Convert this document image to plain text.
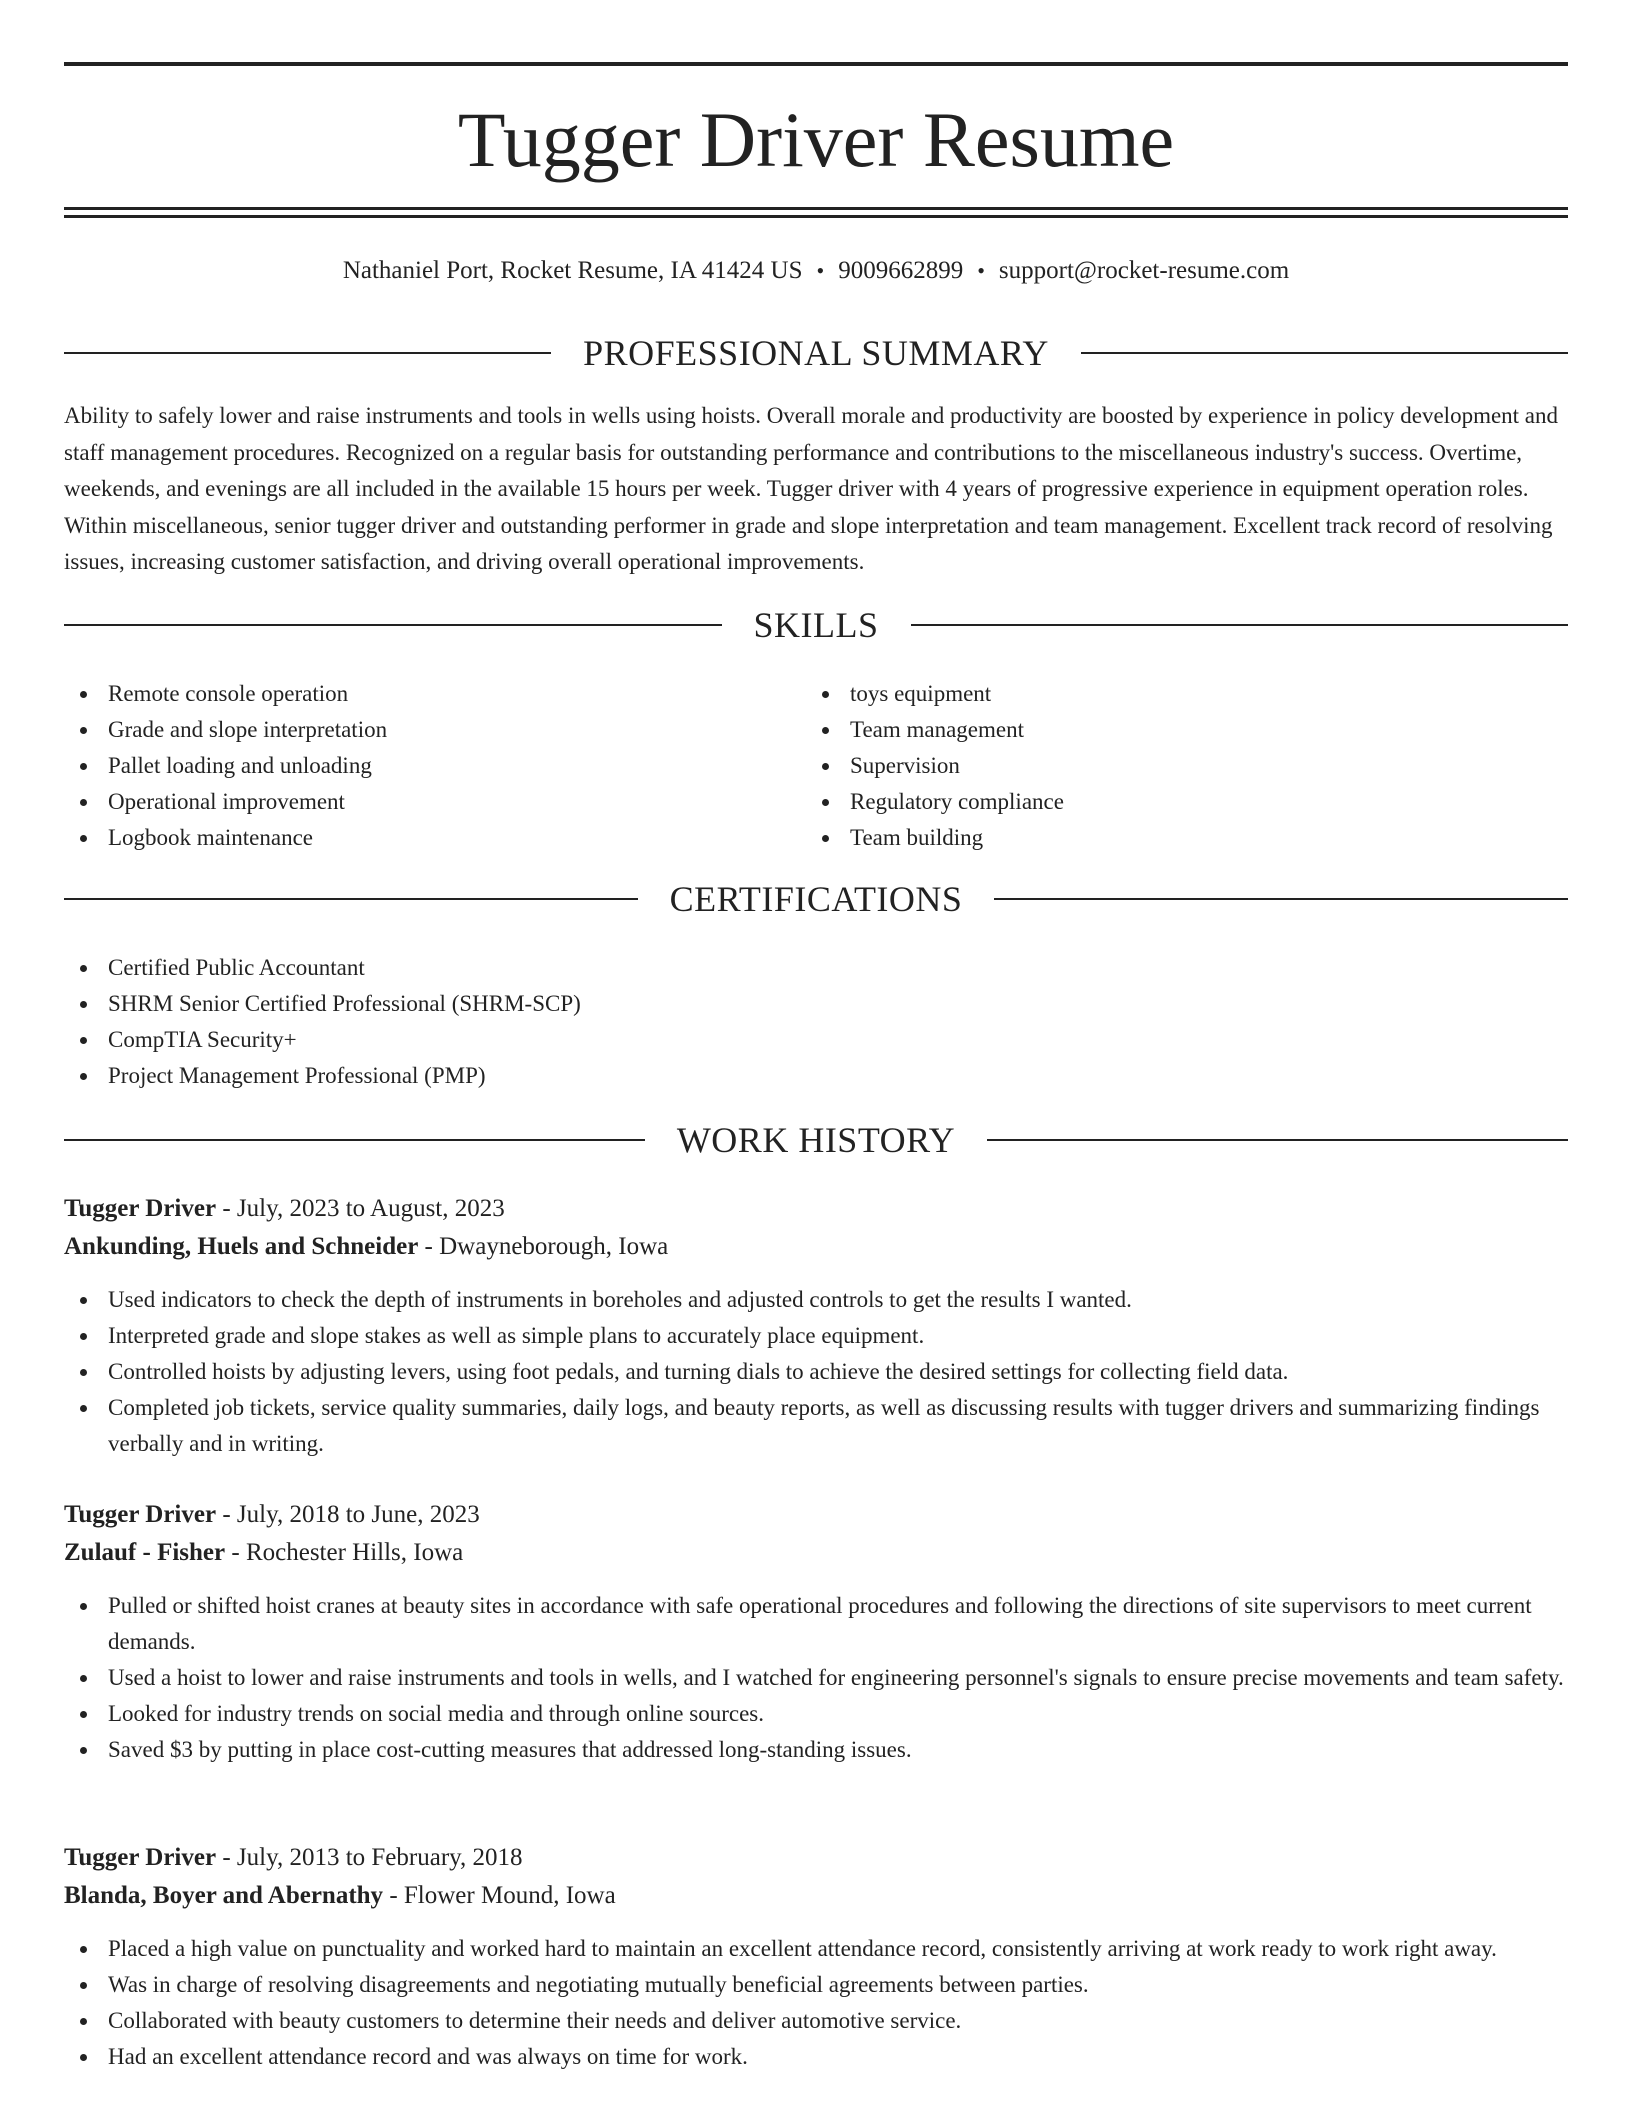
Tugger Driver Resume
Nathaniel Port, Rocket Resume, IA 41424 US • 9009662899 • support@rocket-resume.com
PROFESSIONAL SUMMARY

Ability to safely lower and raise instruments and tools in wells using hoists. Overall morale and productivity are boosted by experience in policy development and staff management procedures. Recognized on a regular basis for outstanding performance and contributions to the miscellaneous industry's success. Overtime, weekends, and evenings are all included in the available 15 hours per week. Tugger driver with 4 years of progressive experience in equipment operation roles. Within miscellaneous, senior tugger driver and outstanding performer in grade and slope interpretation and team management. Excellent track record of resolving issues, increasing customer satisfaction, and driving overall operational improvements.

SKILLS
Remote console operation
Grade and slope interpretation
Pallet loading and unloading
Operational improvement
Logbook maintenance
toys equipment
Team management
Supervision
Regulatory compliance
Team building
CERTIFICATIONS
Certified Public Accountant
SHRM Senior Certified Professional (SHRM-SCP)
CompTIA Security+
Project Management Professional (PMP)
WORK HISTORY
Tugger Driver - July, 2023 to August, 2023
Ankunding, Huels and Schneider - Dwayneborough, Iowa
Used indicators to check the depth of instruments in boreholes and adjusted controls to get the results I wanted.
Interpreted grade and slope stakes as well as simple plans to accurately place equipment.
Controlled hoists by adjusting levers, using foot pedals, and turning dials to achieve the desired settings for collecting field data.
Completed job tickets, service quality summaries, daily logs, and beauty reports, as well as discussing results with tugger drivers and summarizing findings verbally and in writing.
Tugger Driver - July, 2018 to June, 2023
Zulauf - Fisher - Rochester Hills, Iowa
Pulled or shifted hoist cranes at beauty sites in accordance with safe operational procedures and following the directions of site supervisors to meet current demands.
Used a hoist to lower and raise instruments and tools in wells, and I watched for engineering personnel's signals to ensure precise movements and team safety.
Looked for industry trends on social media and through online sources.
Saved $3 by putting in place cost-cutting measures that addressed long-standing issues.
Tugger Driver - July, 2013 to February, 2018
Blanda, Boyer and Abernathy - Flower Mound, Iowa
Placed a high value on punctuality and worked hard to maintain an excellent attendance record, consistently arriving at work ready to work right away.
Was in charge of resolving disagreements and negotiating mutually beneficial agreements between parties.
Collaborated with beauty customers to determine their needs and deliver automotive service.
Had an excellent attendance record and was always on time for work.
